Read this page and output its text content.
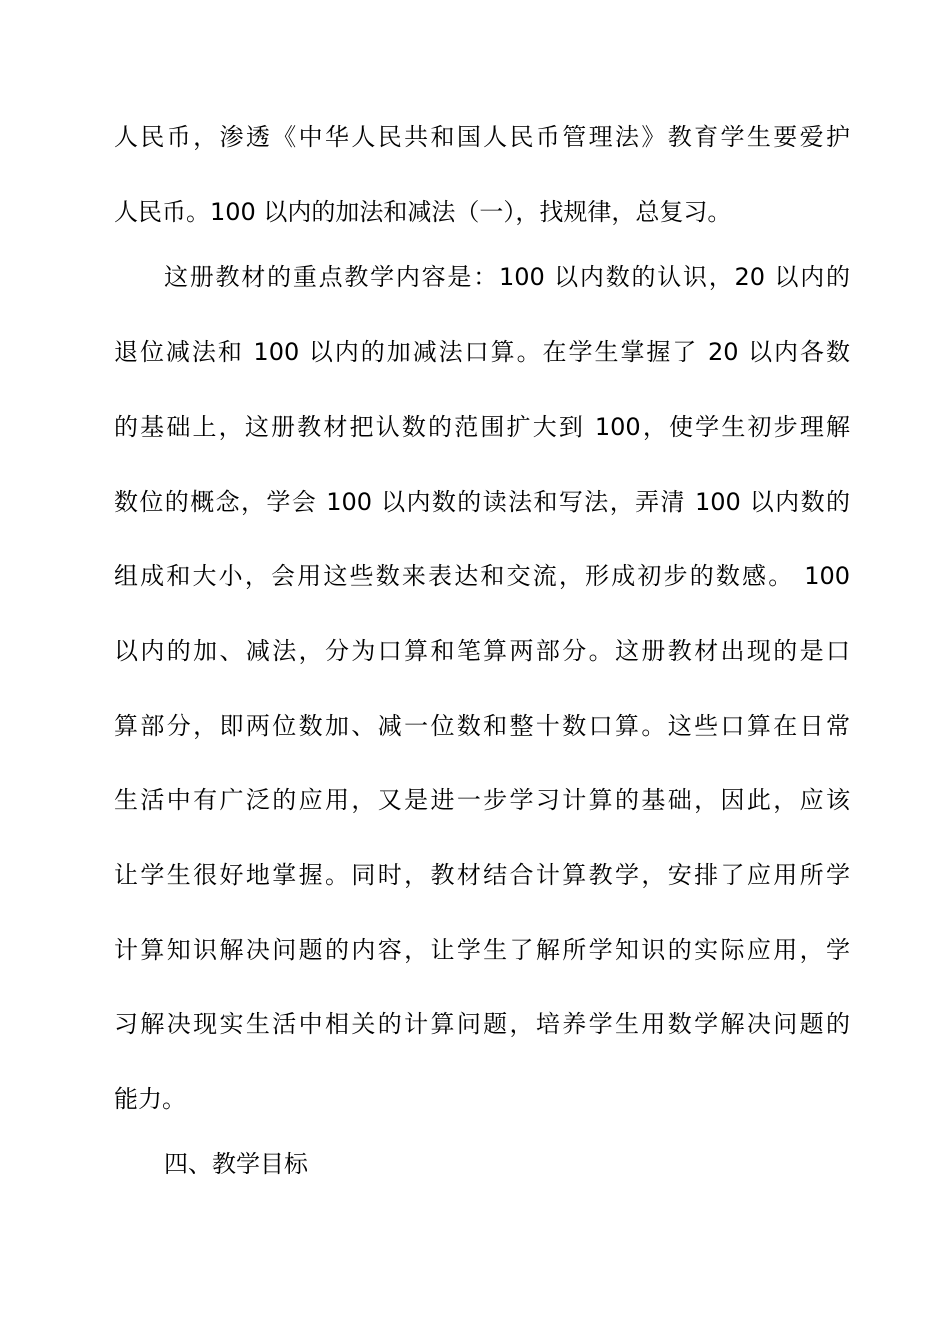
人民币，渗透《中华人民共和国人民币管理法》教育学生要爱护
人民币。100 以内的加法和减法（一），找规律，总复习。
这册教材的重点教学内容是：100 以内数的认识，20 以内的
退位减法和 100 以内的加减法口算。在学生掌握了 20 以内各数
的基础上，这册教材把认数的范围扩大到 100，使学生初步理解
数位的概念，学会 100 以内数的读法和写法，弄清 100 以内数的
组成和大小，会用这些数来表达和交流，形成初步的数感。 100
以内的加、减法，分为口算和笔算两部分。这册教材出现的是口
算部分，即两位数加、减一位数和整十数口算。这些口算在日常
生活中有广泛的应用，又是进一步学习计算的基础，因此，应该
让学生很好地掌握。同时，教材结合计算教学，安排了应用所学
计算知识解决问题的内容，让学生了解所学知识的实际应用，学
习解决现实生活中相关的计算问题，培养学生用数学解决问题的
能力。
四、教学目标
